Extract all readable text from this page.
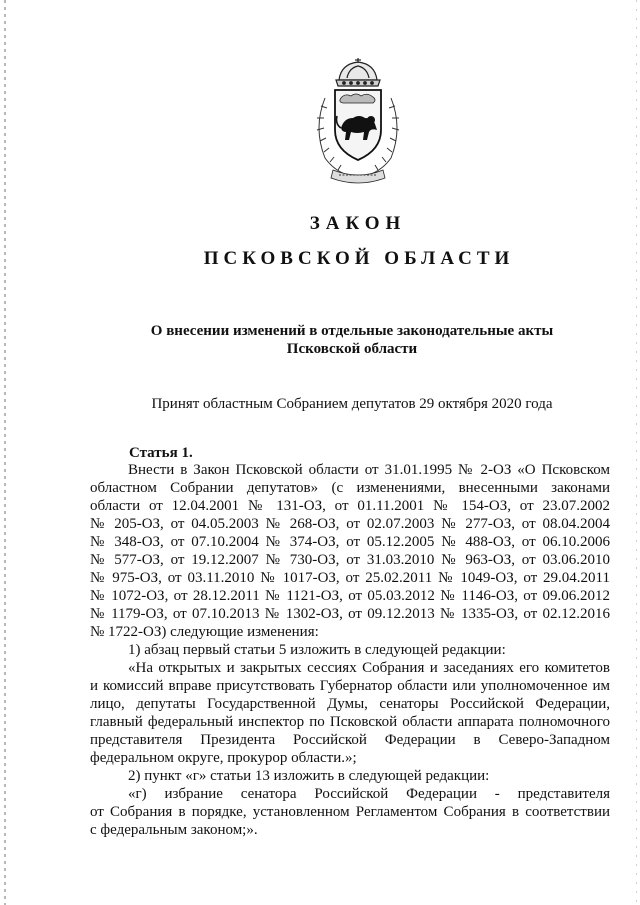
ЗАКОН
ПСКОВСКОЙ ОБЛАСТИ
О внесении изменений в отдельные законодательные акты
Псковской области
Принят областным Собранием депутатов 29 октября 2020 года
Статья 1.
Внести в Закон Псковской области от 31.01.1995 № 2-ОЗ «О Псковском
областном Собрании депутатов» (с изменениями, внесенными законами
области от 12.04.2001 № 131-ОЗ, от 01.11.2001 № 154-ОЗ, от 23.07.2002
№ 205-ОЗ, от 04.05.2003 № 268-ОЗ, от 02.07.2003 № 277-ОЗ, от 08.04.2004
№ 348-ОЗ, от 07.10.2004 № 374-ОЗ, от 05.12.2005 № 488-ОЗ, от 06.10.2006
№ 577-ОЗ, от 19.12.2007 № 730-ОЗ, от 31.03.2010 № 963-ОЗ, от 03.06.2010
№ 975-ОЗ, от 03.11.2010 № 1017-ОЗ, от 25.02.2011 № 1049-ОЗ, от 29.04.2011
№ 1072-ОЗ, от 28.12.2011 № 1121-ОЗ, от 05.03.2012 № 1146-ОЗ, от 09.06.2012
№ 1179-ОЗ, от 07.10.2013 № 1302-ОЗ, от 09.12.2013 № 1335-ОЗ, от 02.12.2016
№ 1722-ОЗ) следующие изменения:
1) абзац первый статьи 5 изложить в следующей редакции:
«На открытых и закрытых сессиях Собрания и заседаниях его комитетов
и комиссий вправе присутствовать Губернатор области или уполномоченное им
лицо, депутаты Государственной Думы, сенаторы Российской Федерации,
главный федеральный инспектор по Псковской области аппарата полномочного
представителя Президента Российской Федерации в Северо-Западном
федеральном округе, прокурор области.»;
2) пункт «г» статьи 13 изложить в следующей редакции:
«г) избрание сенатора Российской Федерации - представителя
от Собрания в порядке, установленном Регламентом Собрания в соответствии
с федеральным законом;».
